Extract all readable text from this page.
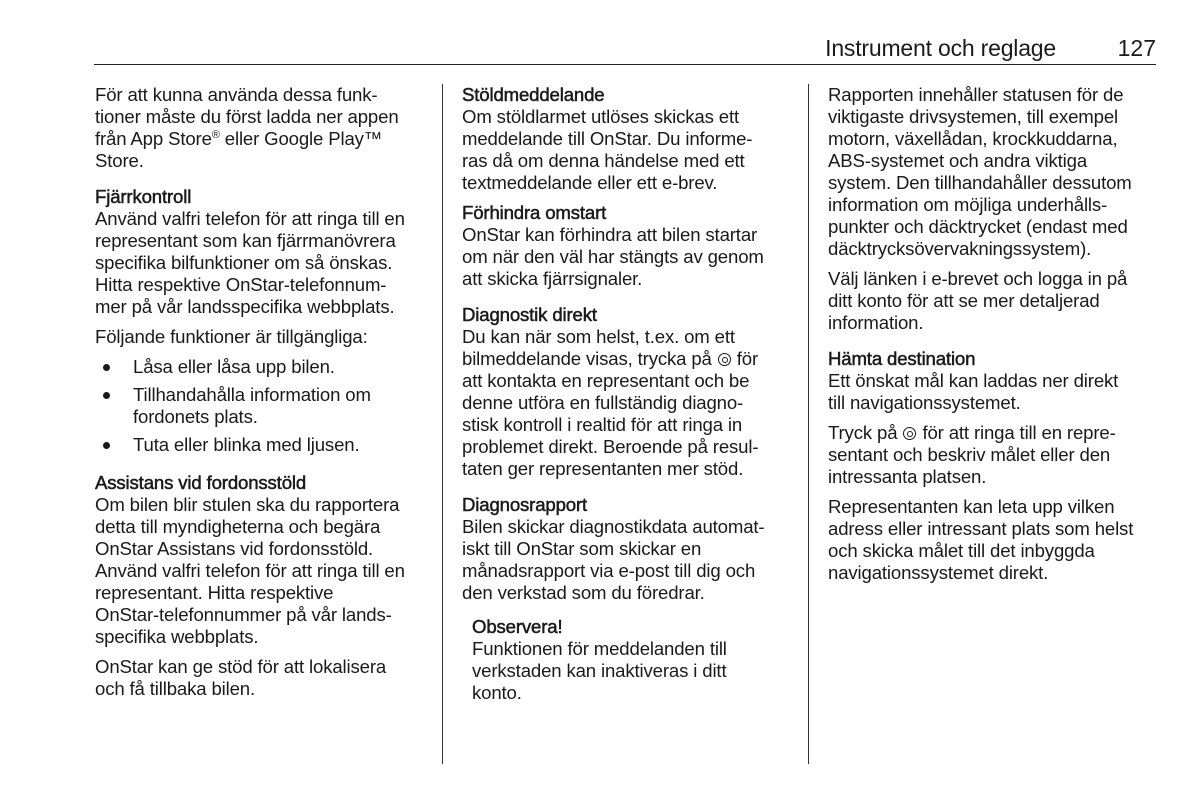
Instrument och reglage	127
För att kunna använda dessa funk‐
tioner måste du först ladda ner appen
från App Store® eller Google Play™
Store.
Fjärrkontroll
Använd valfri telefon för att ringa till en
representant som kan fjärrmanövrera
specifika bilfunktioner om så önskas.
Hitta respektive OnStar-telefonnum‐
mer på vår landsspecifika webbplats.
Följande funktioner är tillgängliga:
Låsa eller låsa upp bilen.
Tillhandahålla information om
fordonets plats.
Tuta eller blinka med ljusen.
Assistans vid fordonsstöld
Om bilen blir stulen ska du rapportera
detta till myndigheterna och begära
OnStar Assistans vid fordonsstöld.
Använd valfri telefon för att ringa till en
representant. Hitta respektive
OnStar-telefonnummer på vår lands‐
specifika webbplats.
OnStar kan ge stöd för att lokalisera
och få tillbaka bilen.
Stöldmeddelande
Om stöldlarmet utlöses skickas ett
meddelande till OnStar. Du informe‐
ras då om denna händelse med ett
textmeddelande eller ett e-brev.
Förhindra omstart
OnStar kan förhindra att bilen startar
om när den väl har stängts av genom
att skicka fjärrsignaler.
Diagnostik direkt
Du kan när som helst, t.ex. om ett
bilmeddelande visas, trycka på  för
att kontakta en representant och be
denne utföra en fullständig diagno‐
stisk kontroll i realtid för att ringa in
problemet direkt. Beroende på resul‐
taten ger representanten mer stöd.
Diagnosrapport
Bilen skickar diagnostikdata automat‐
iskt till OnStar som skickar en
månadsrapport via e-post till dig och
den verkstad som du föredrar.
Observera!
Funktionen för meddelanden till
verkstaden kan inaktiveras i ditt
konto.
Rapporten innehåller statusen för de
viktigaste drivsystemen, till exempel
motorn, växellådan, krockkuddarna,
ABS-systemet och andra viktiga
system. Den tillhandahåller dessutom
information om möjliga underhålls‐
punkter och däcktrycket (endast med
däcktrycksövervakningssystem).
Välj länken i e-brevet och logga in på
ditt konto för att se mer detaljerad
information.
Hämta destination
Ett önskat mål kan laddas ner direkt
till navigationssystemet.
Tryck på  för att ringa till en repre‐
sentant och beskriv målet eller den
intressanta platsen.
Representanten kan leta upp vilken
adress eller intressant plats som helst
och skicka målet till det inbyggda
navigationssystemet direkt.
